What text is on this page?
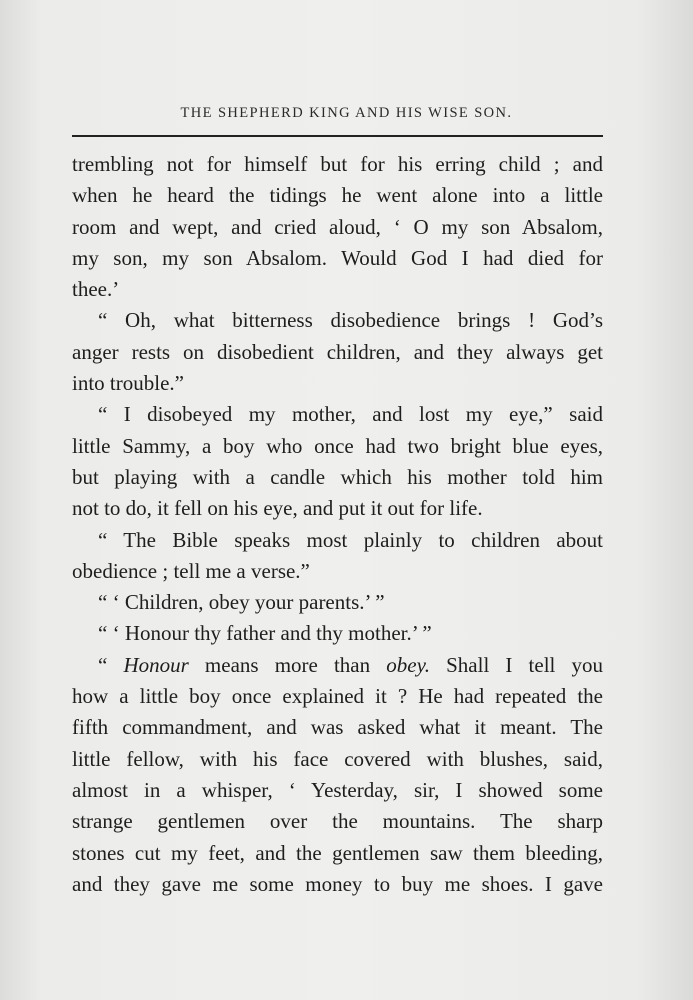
THE SHEPHERD KING AND HIS WISE SON.

trembling not for himself but for his erring child ; and
when he heard the tidings he went alone into a little
room and wept, and cried aloud, ‘ O my son Absalom,
my son, my son Absalom. Would God I had died for
thee.’

“ Oh, what bitterness disobedience brings ! God’s
anger rests on disobedient children, and they always get
into trouble.”

“ I disobeyed my mother, and lost my eye,” said
little Sammy, a boy who once had two bright blue eyes,
but playing with a candle which his mother told him
not to do, it fell on his eye, and put it out for life.

“ The Bible speaks most plainly to children about
obedience ; tell me a verse.”

“ ‘ Children, obey your parents.’ ”

“ ‘ Honour thy father and thy mother.’ ”

“ Honour means more than obey. Shall I tell you
how a little boy once explained it ? He had repeated the
fifth commandment, and was asked what it meant. The
little fellow, with his face covered with blushes, said,
almost in a whisper, ‘ Yesterday, sir, I showed some
strange gentlemen over the mountains. The sharp
stones cut my feet, and the gentlemen saw them bleeding,
and they gave me some money to buy me shoes. I gave
